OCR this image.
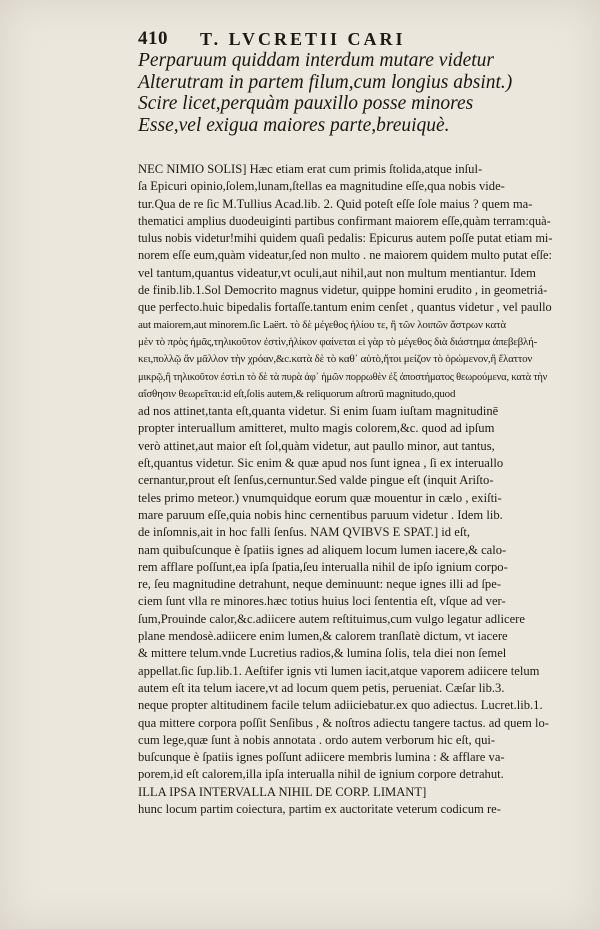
410 T. LVCRETII CARI
Perparuum quiddam interdum mutare videtur
Alterutram in partem filum,cum longius absint.)
Scire licet,perquàm pauxillo posse minores
Esse,vel exigua maiores parte,breuiquè.
NEC NIMIO SOLIS] Hæc etiam erat cum primis ſtolida,atque inſul-
ſa Epicuri opinio,ſolem,lunam,ſtellas ea magnitudine eſſe,qua nobis vide-
tur.Qua de re ſic M.Tullius Acad.lib. 2. Quid poteſt eſſe ſole maius ? quem ma-
thematici amplius duodeuiginti partibus confirmant maiorem eſſe,quàm terram:quà-
tulus nobis videtur!mihi quidem quaſi pedalis: Epicurus autem poſſe putat etiam mi-
norem eſſe eum,quàm videatur,ſed non multo . ne maiorem quidem multo putat eſſe:
vel tantum,quantus videatur,vt oculi,aut nihil,aut non multum mentiantur. Idem
de finib.lib.1.Sol Democrito magnus videtur, quippe homini erudito , in geometriá-
que perfecto.huic bipedalis fortaſſe.tantum enim cenſet , quantus videtur , vel paullo
aut maiorem,aut minorem.ſic Laërt. τὸ δὲ μέγεθος ἡλίου τε, ἢ τῶν λοιπῶν ἄστρων κατὰ
μὲν τὸ πρὸς ἡμᾶς,τηλικοῦτον ἐστὶν,ἡλίκον φαίνεται εἰ γὰρ τὸ μέγεθος διὰ διάστημα ἀπεβεβλή-
κει,πολλῷ ἂν μᾶλλον τὴν χρόαν,&c.κατὰ δὲ τὸ καθ᾽ αὑτὸ,ἤτοι μείζον τὸ ὁρώμενον,ἢ ἔλαττον
μικρῷ,ἢ τηλικοῦτον ἐστὶ.n τὸ δὲ τὰ πυρὰ ἀφ᾽ ἡμῶν πορρωθὲν ἐξ ἀποστήματος θεωρούμενα, κατὰ τὴν
αἴσθησιν θεωρεῖται:id eſt,ſolis autem,& reliquorum aſtrorũ magnitudo,quod
ad nos attinet,tanta eſt,quanta videtur. Si enim ſuam iuſtam magnitudinē
propter interuallum amitteret, multo magis colorem,&c. quod ad ipſum
verò attinet,aut maior eſt ſol,quàm videtur, aut paullo minor, aut tantus,
eſt,quantus videtur. Sic enim & quæ apud nos ſunt ignea , ſi ex interuallo
cernantur,prout eſt ſenſus,cernuntur.Sed valde pingue eſt (inquit Ariſto-
teles primo meteor.) vnumquidque eorum quæ mouentur in cælo , exiſti-
mare paruum eſſe,quia nobis hinc cernentibus paruum videtur . Idem lib.
de inſomnis,ait in hoc falli ſenſus. NAM QVIBVS E SPAT.] id eſt,
nam quibuſcunque è ſpatiis ignes ad aliquem locum lumen iacere,& calo-
rem afflare poſſunt,ea ipſa ſpatia,ſeu interualla nihil de ipſo ignium corpo-
re, ſeu magnitudine detrahunt, neque deminuunt: neque ignes illi ad ſpe-
ciem ſunt vlla re minores.hæc totius huius loci ſententia eſt, vſque ad ver-
ſum,Prouinde calor,&c.adiicere autem reſtituimus,cum vulgo legatur adlicere
plane mendosè.adiicere enim lumen,& calorem tranſlatè dictum, vt iacere
& mittere telum.vnde Lucretius radios,& lumina ſolis, tela diei non ſemel
appellat.ſic ſup.lib.1. Aeſtifer ignis vti lumen iacit,atque vaporem adiicere telum
autem eſt ita telum iacere,vt ad locum quem petis, perueniat. Cæſar lib.3.
neque propter altitudinem facile telum adiiciebatur.ex quo adiectus. Lucret.lib.1.
qua mittere corpora poſſit Senſibus , & noſtros adiectu tangere tactus. ad quem lo-
cum lege,quæ ſunt à nobis annotata . ordo autem verborum hic eſt, qui-
buſcunque è ſpatiis ignes poſſunt adiicere membris lumina : & afflare va-
porem,id eſt calorem,illa ipſa interualla nihil de ignium corpore detrahut.
ILLA IPSA INTERVALLA NIHIL DE CORP. LIMANT]
hunc locum partim coiectura, partim ex auctoritate veterum codicum re-
